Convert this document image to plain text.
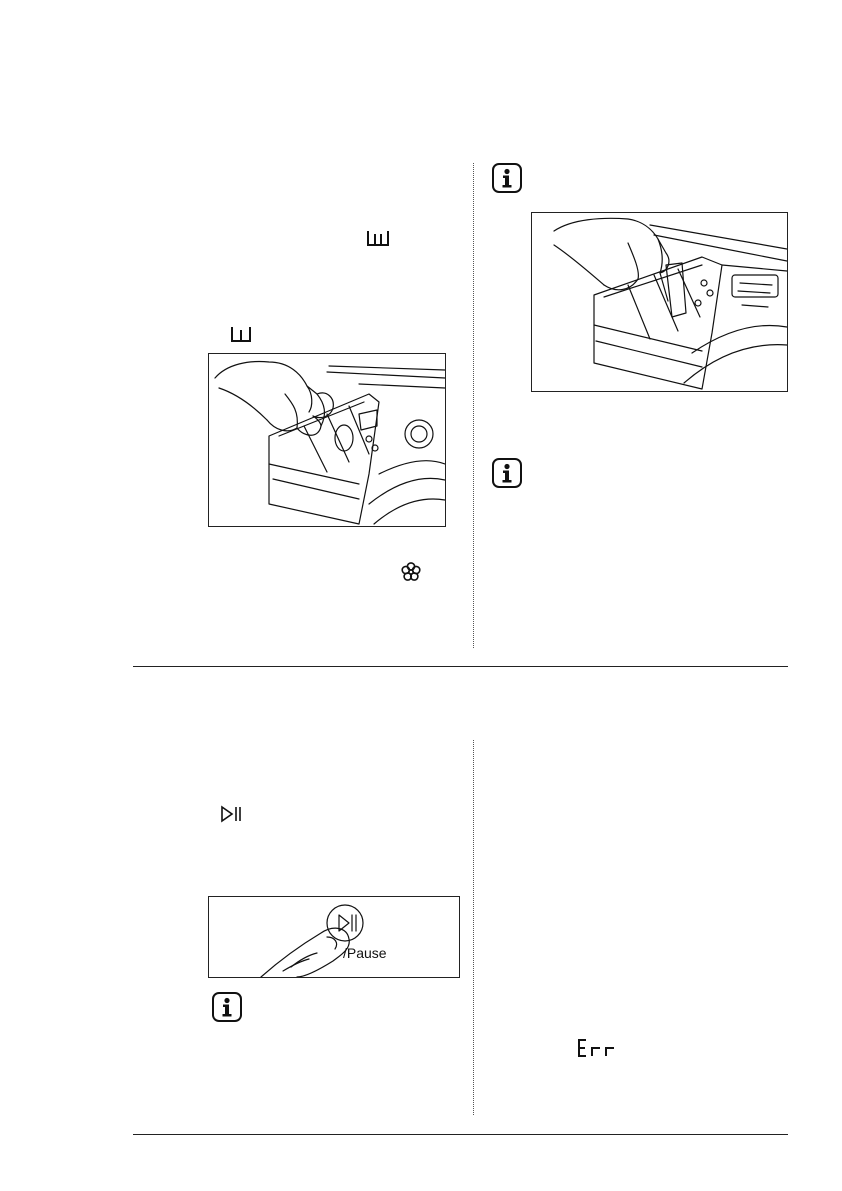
/Pause
